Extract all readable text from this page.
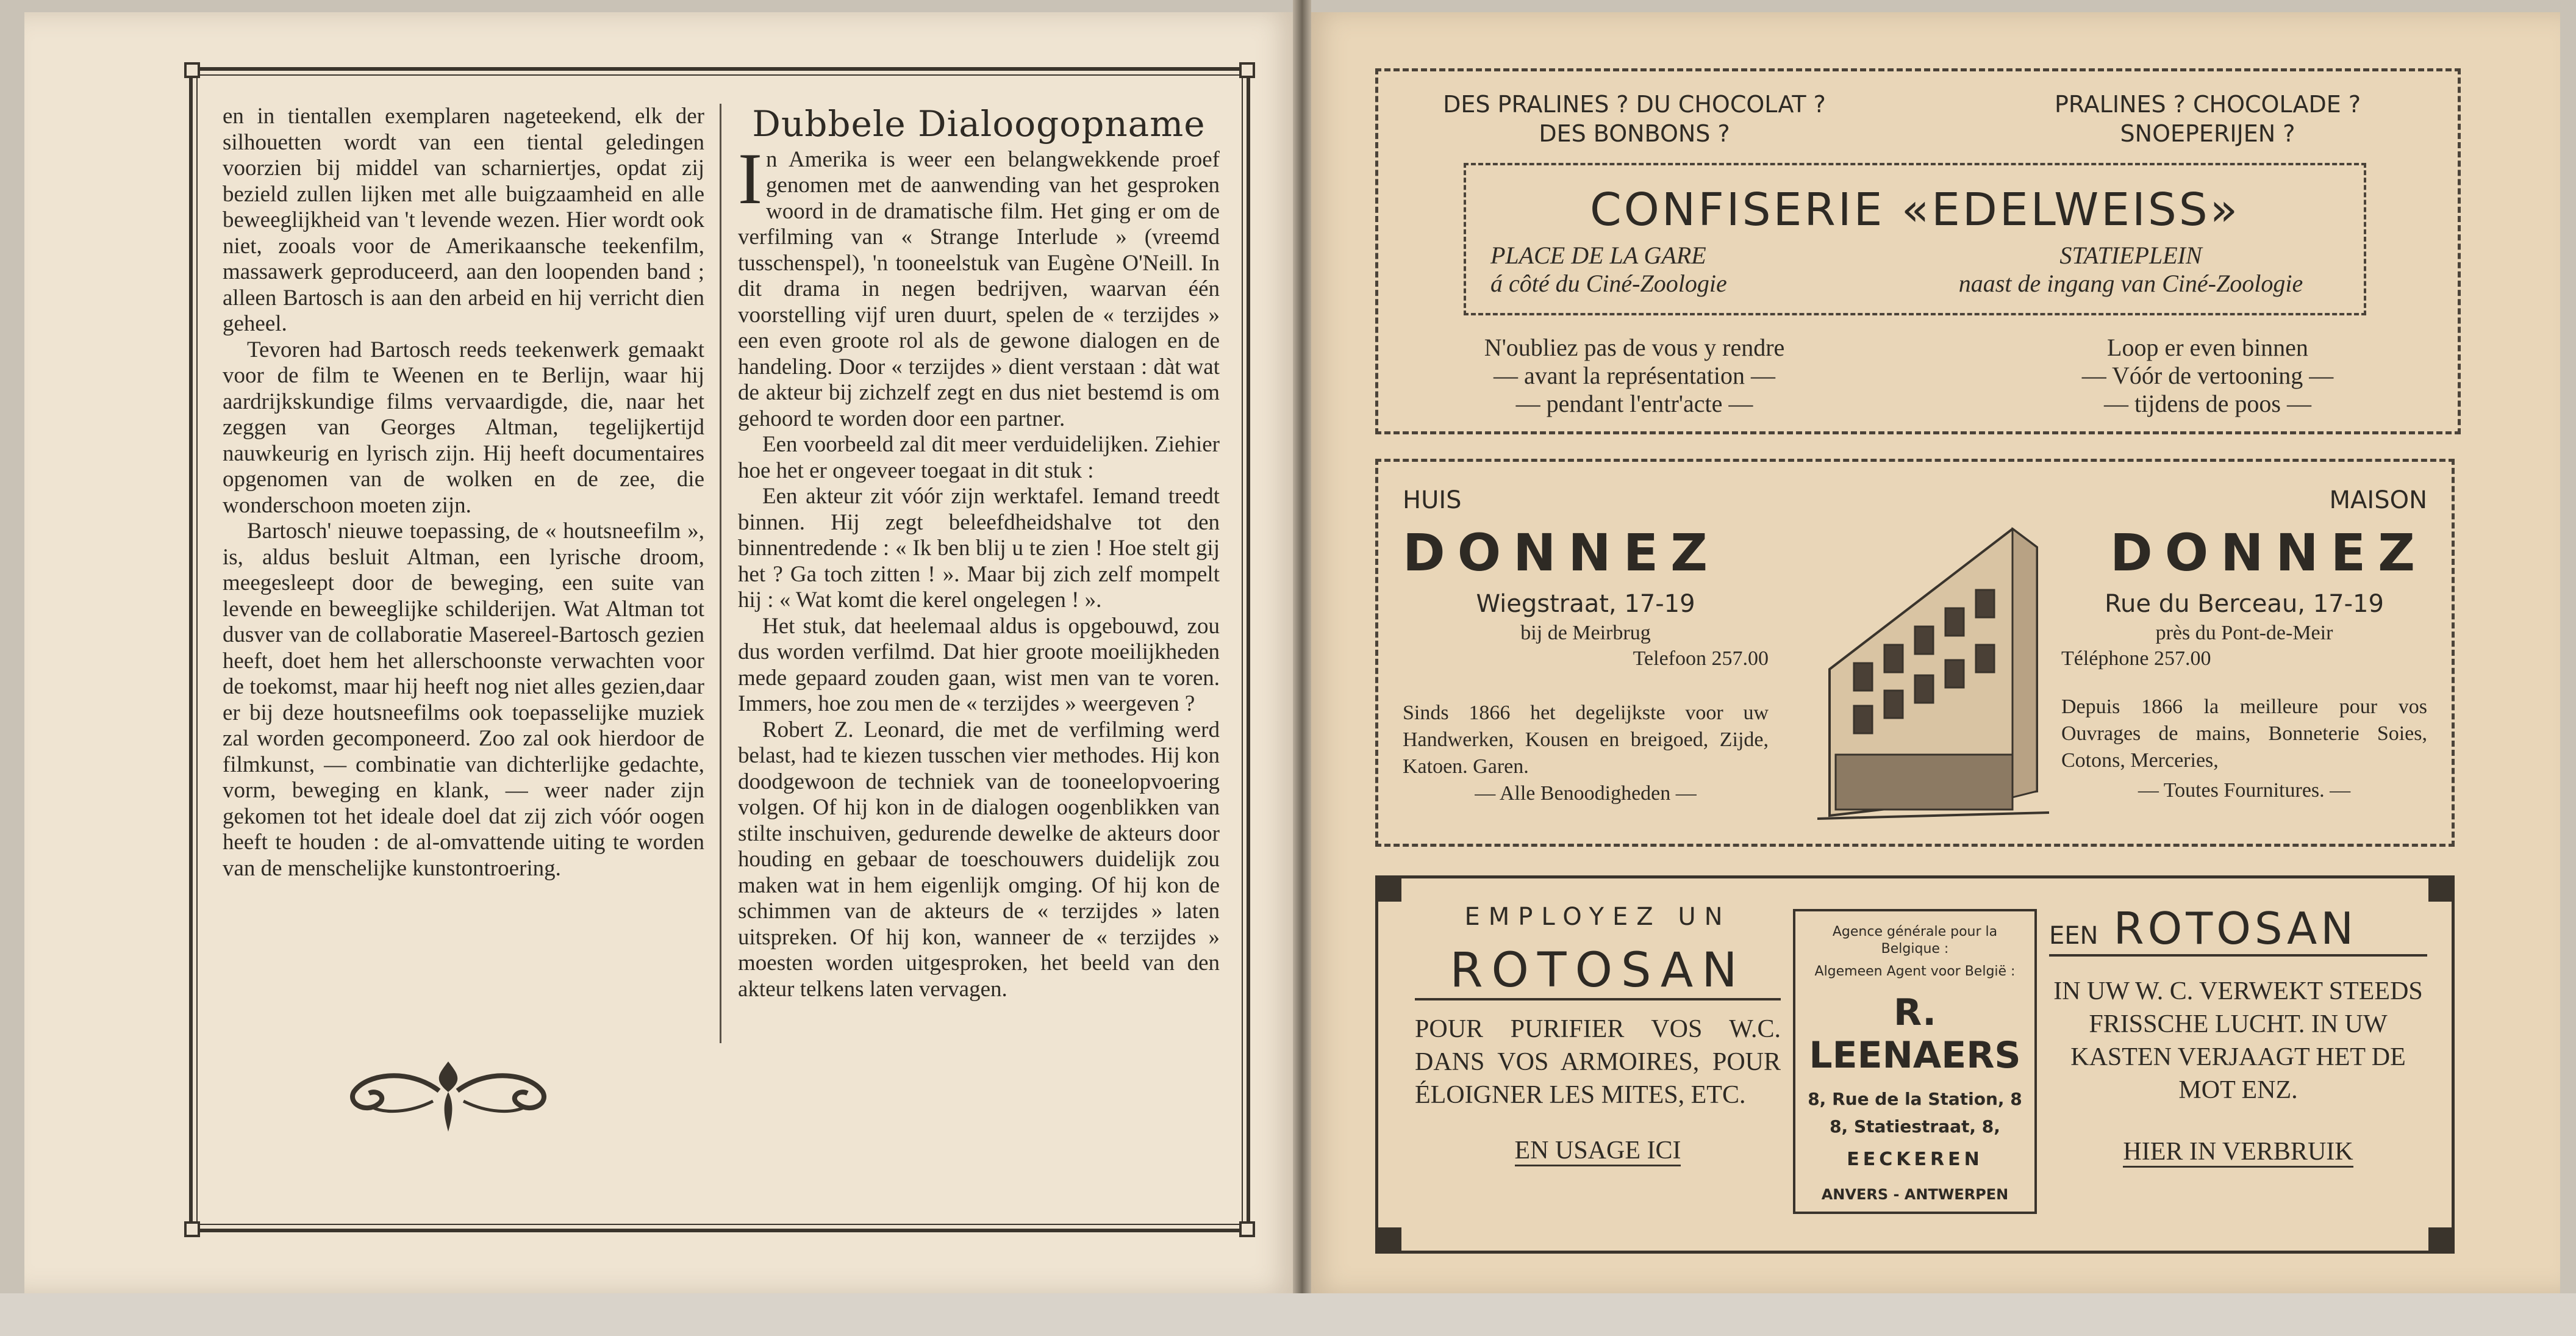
en in tientallen exemplaren nageteekend, elk der silhouetten wordt van een tiental geledingen voorzien bij middel van scharniertjes, opdat zij bezield zullen lijken met alle buigzaamheid en alle beweeglijkheid van 't levende wezen. Hier wordt ook niet, zooals voor de Amerikaansche teekenfilm, massawerk geproduceerd, aan den loopenden band ; alleen Bartosch is aan den arbeid en hij verricht dien geheel.

Tevoren had Bartosch reeds teekenwerk gemaakt voor de film te Weenen en te Berlijn, waar hij aardrijkskundige films vervaardigde, die, naar het zeggen van Georges Altman, tegelijkertijd nauwkeurig en lyrisch zijn. Hij heeft documentaires opgenomen van de wolken en de zee, die wonderschoon moeten zijn.

Bartosch' nieuwe toepassing, de « houtsneefilm », is, aldus besluit Altman, een lyrische droom, meegesleept door de beweging, een suite van levende en beweeglijke schilderijen. Wat Altman tot dusver van de collaboratie Masereel-Bartosch gezien heeft, doet hem het allerschoonste verwachten voor de toekomst, maar hij heeft nog niet alles gezien,daar er bij deze houtsneefilms ook toepasselijke muziek zal worden gecomponeerd. Zoo zal ook hierdoor de filmkunst, — combinatie van dichterlijke gedachte, vorm, beweging en klank, — weer nader zijn gekomen tot het ideale doel dat zij zich vóór oogen heeft te houden : de al-omvattende uiting te worden van de menschelijke kunstontroering.

Dubbele Dialoogopname

In Amerika is weer een belangwekkende proef genomen met de aanwending van het gesproken woord in de dramatische film. Het ging er om de verfilming van « Strange Interlude » (vreemd tusschenspel), 'n tooneelstuk van Eugène O'Neill. In dit drama in negen bedrijven, waarvan één voorstelling vijf uren duurt, spelen de « terzijdes » een even groote rol als de gewone dialogen en de handeling. Door « terzijdes » dient verstaan : dàt wat de akteur bij zichzelf zegt en dus niet bestemd is om gehoord te worden door een partner.

Een voorbeeld zal dit meer verduidelijken. Ziehier hoe het er ongeveer toegaat in dit stuk :

Een akteur zit vóór zijn werktafel. Iemand treedt binnen. Hij zegt beleefdheidshalve tot den binnentredende : « Ik ben blij u te zien ! Hoe stelt gij het ? Ga toch zitten ! ». Maar bij zich zelf mompelt hij : « Wat komt die kerel ongelegen ! ».

Het stuk, dat heelemaal aldus is opgebouwd, zou dus worden verfilmd. Dat hier groote moeilijkheden mede gepaard zouden gaan, wist men van te voren. Immers, hoe zou men de « terzijdes » weergeven ?

Robert Z. Leonard, die met de verfilming werd belast, had te kiezen tusschen vier methodes. Hij kon doodgewoon de techniek van de tooneelopvoering volgen. Of hij kon in de dialogen oogenblikken van stilte inschuiven, gedurende dewelke de akteurs door houding en gebaar de toeschouwers duidelijk zou maken wat in hem eigenlijk omging. Of hij kon de schimmen van de akteurs de « terzijdes » laten uitspreken. Of hij kon, wanneer de « terzijdes » moesten worden uitgesproken, het beeld van den akteur telkens laten vervagen.

DES PRALINES ? DU CHOCOLAT ?
DES BONBONS ?
PRALINES ? CHOCOLADE ?
SNOEPERIJEN ?
CONFISERIE «EDELWEISS»
PLACE DE LA GARE
á côté du Ciné-Zoologie
STATIEPLEIN
naast de ingang van Ciné-Zoologie
N'oubliez pas de vous y rendre
— avant la représentation —
— pendant l'entr'acte —
Loop er even binnen
— Vóór de vertooning —
— tijdens de poos —
HUIS
DONNEZ
Wiegstraat, 17-19
bij de Meirbrug
Telefoon 257.00
Sinds 1866 het degelijkste voor uw Handwerken, Kousen en breigoed, Zijde, Katoen. Garen.
— Alle Benoodigheden —
MAISON
DONNEZ
Rue du Berceau, 17-19
près du Pont-de-Meir
Téléphone 257.00
Depuis 1866 la meilleure pour vos Ouvrages de mains, Bonneterie Soies, Cotons, Merceries,
— Toutes Fournitures. —
EMPLOYEZ UN
ROTOSAN
POUR PURIFIER VOS W.C. DANS VOS ARMOIRES, POUR ÉLOIGNER LES MITES, ETC.
EN USAGE ICI
Agence générale pour la Belgique :
Algemeen Agent voor België :
R. LEENAERS
8, Rue de la Station, 8
8, Statiestraat, 8,
EECKEREN
ANVERS - ANTWERPEN
EEN ROTOSAN
IN UW W. C. VERWEKT STEEDS FRISSCHE LUCHT. IN UW KASTEN VERJAAGT HET DE MOT ENZ.
HIER IN VERBRUIK
